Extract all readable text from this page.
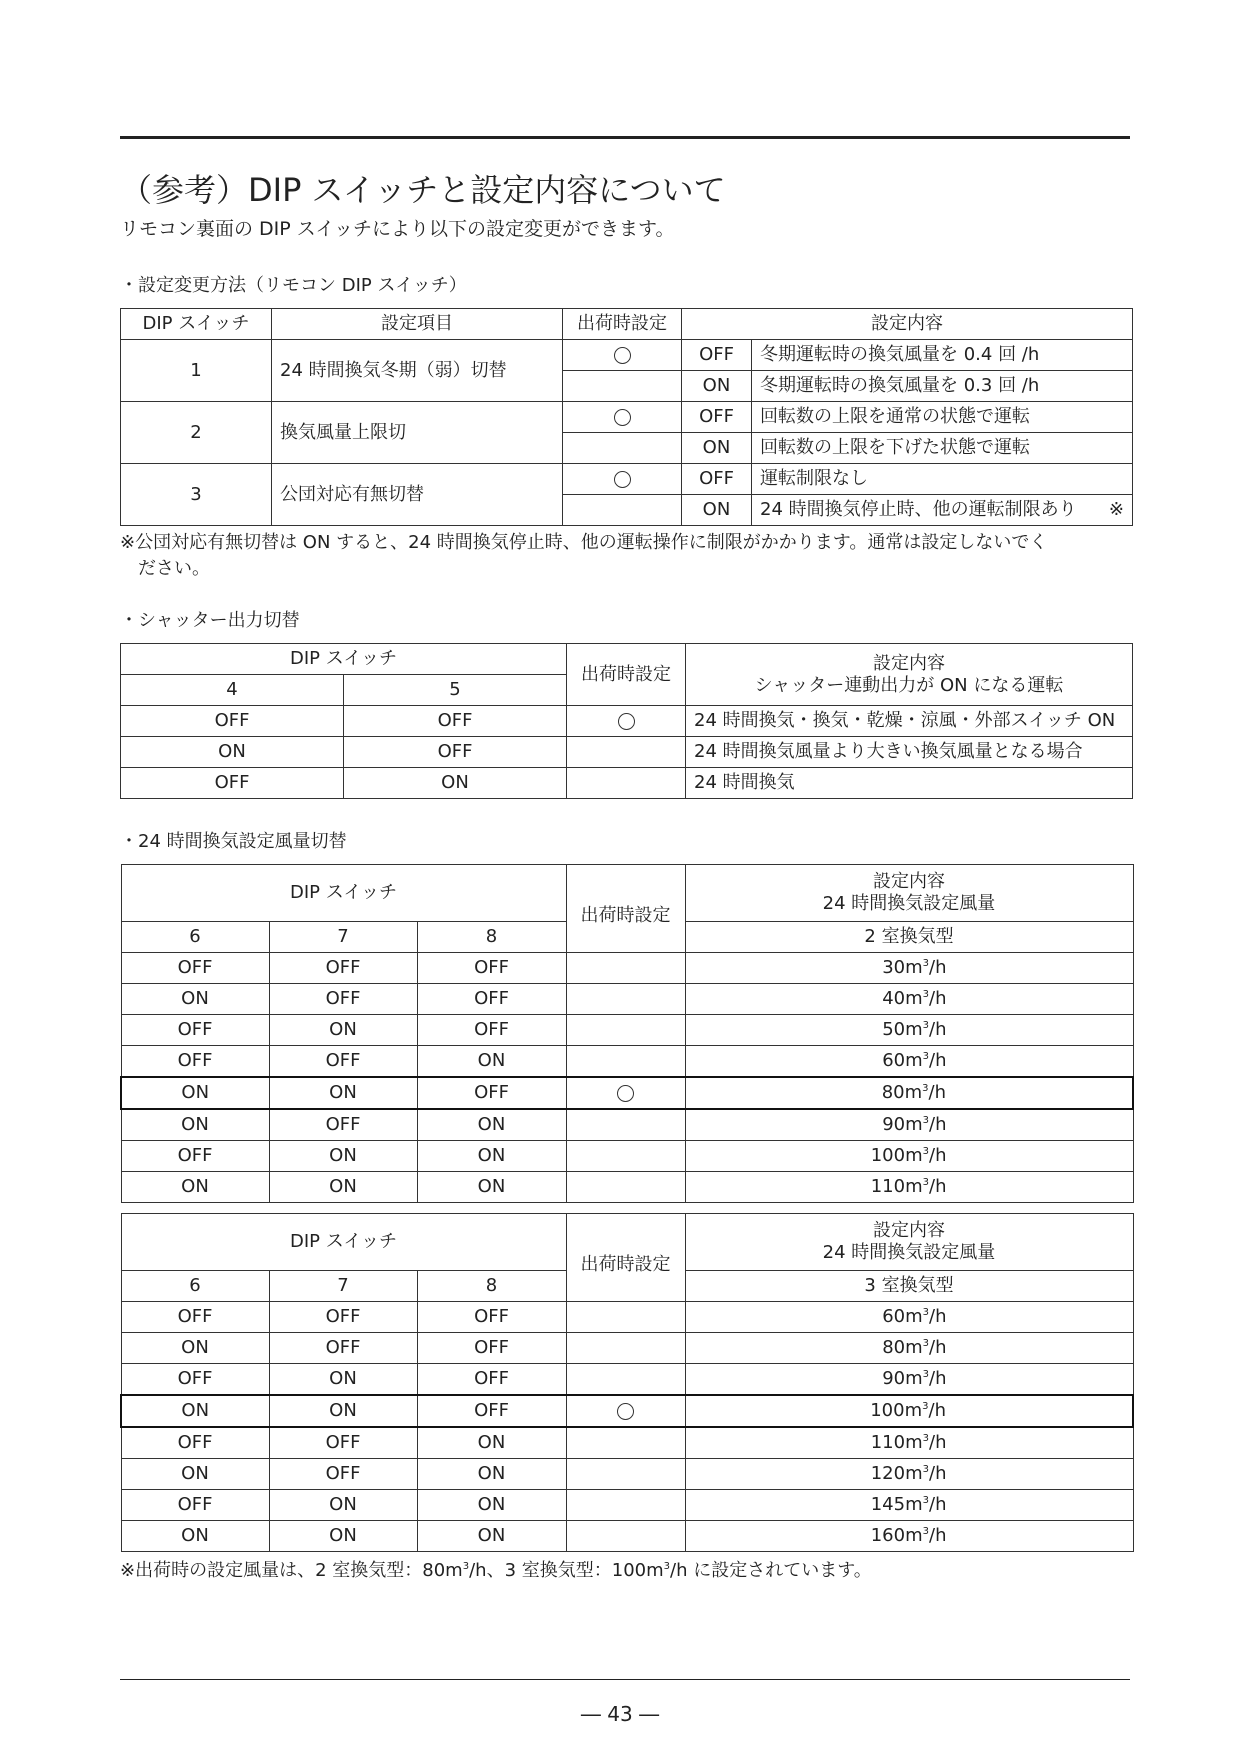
（参考）DIP スイッチと設定内容について
リモコン裏面の DIP スイッチにより以下の設定変更ができます。
・設定変更方法（リモコン DIP スイッチ）
DIP スイッチ	設定項目	出荷時設定	設定内容	
1	24 時間換気冬期（弱）切替		OFF	冬期運転時の換気風量を 0.4 回 /h
			ON	冬期運転時の換気風量を 0.3 回 /h
2	換気風量上限切		OFF	回転数の上限を通常の状態で運転
			ON	回転数の上限を下げた状態で運転
3	公団対応有無切替		OFF	運転制限なし
			ON	24 時間換気停止時、他の運転制限あり ※
※公団対応有無切替は ON すると、24 時間換気停止時、他の運転操作に制限がかかります。通常は設定しないでく
ださい。
・シャッター出力切替
DIP スイッチ		出荷時設定	設定内容
シャッター連動出力が ON になる運転

4	5		
OFF	OFF		24 時間換気・換気・乾燥・涼風・外部スイッチ ON
ON	OFF		24 時間換気風量より大きい換気風量となる場合
OFF	ON		24 時間換気
・24 時間換気設定風量切替
DIP スイッチ			出荷時設定	設定内容
24 時間換気設定風量

6	7	8		2 室換気型
OFF	OFF	OFF		$30m^3/h$
ON	OFF	OFF		$40m^3/h$
OFF	ON	OFF		$50m^3/h$
OFF	OFF	ON		$60m^3/h$
ON	ON	OFF		$80m^3/h$
ON	OFF	ON		$90m^3/h$
OFF	ON	ON		$100m^3/h$
ON	ON	ON		$110m^3/h$
DIP スイッチ			出荷時設定	設定内容
24 時間換気設定風量

6	7	8		3 室換気型
OFF	OFF	OFF		$60m^3/h$
ON	OFF	OFF		$80m^3/h$
OFF	ON	OFF		$90m^3/h$
ON	ON	OFF		$100m^3/h$
OFF	OFF	ON		$110m^3/h$
ON	OFF	ON		$120m^3/h$
OFF	ON	ON		$145m^3/h$
ON	ON	ON		$160m^3/h$
※出荷時の設定風量は、2 室換気型：$80m^3/h$、3 室換気型：$100m^3/h$ に設定されています。
― 43 ―
